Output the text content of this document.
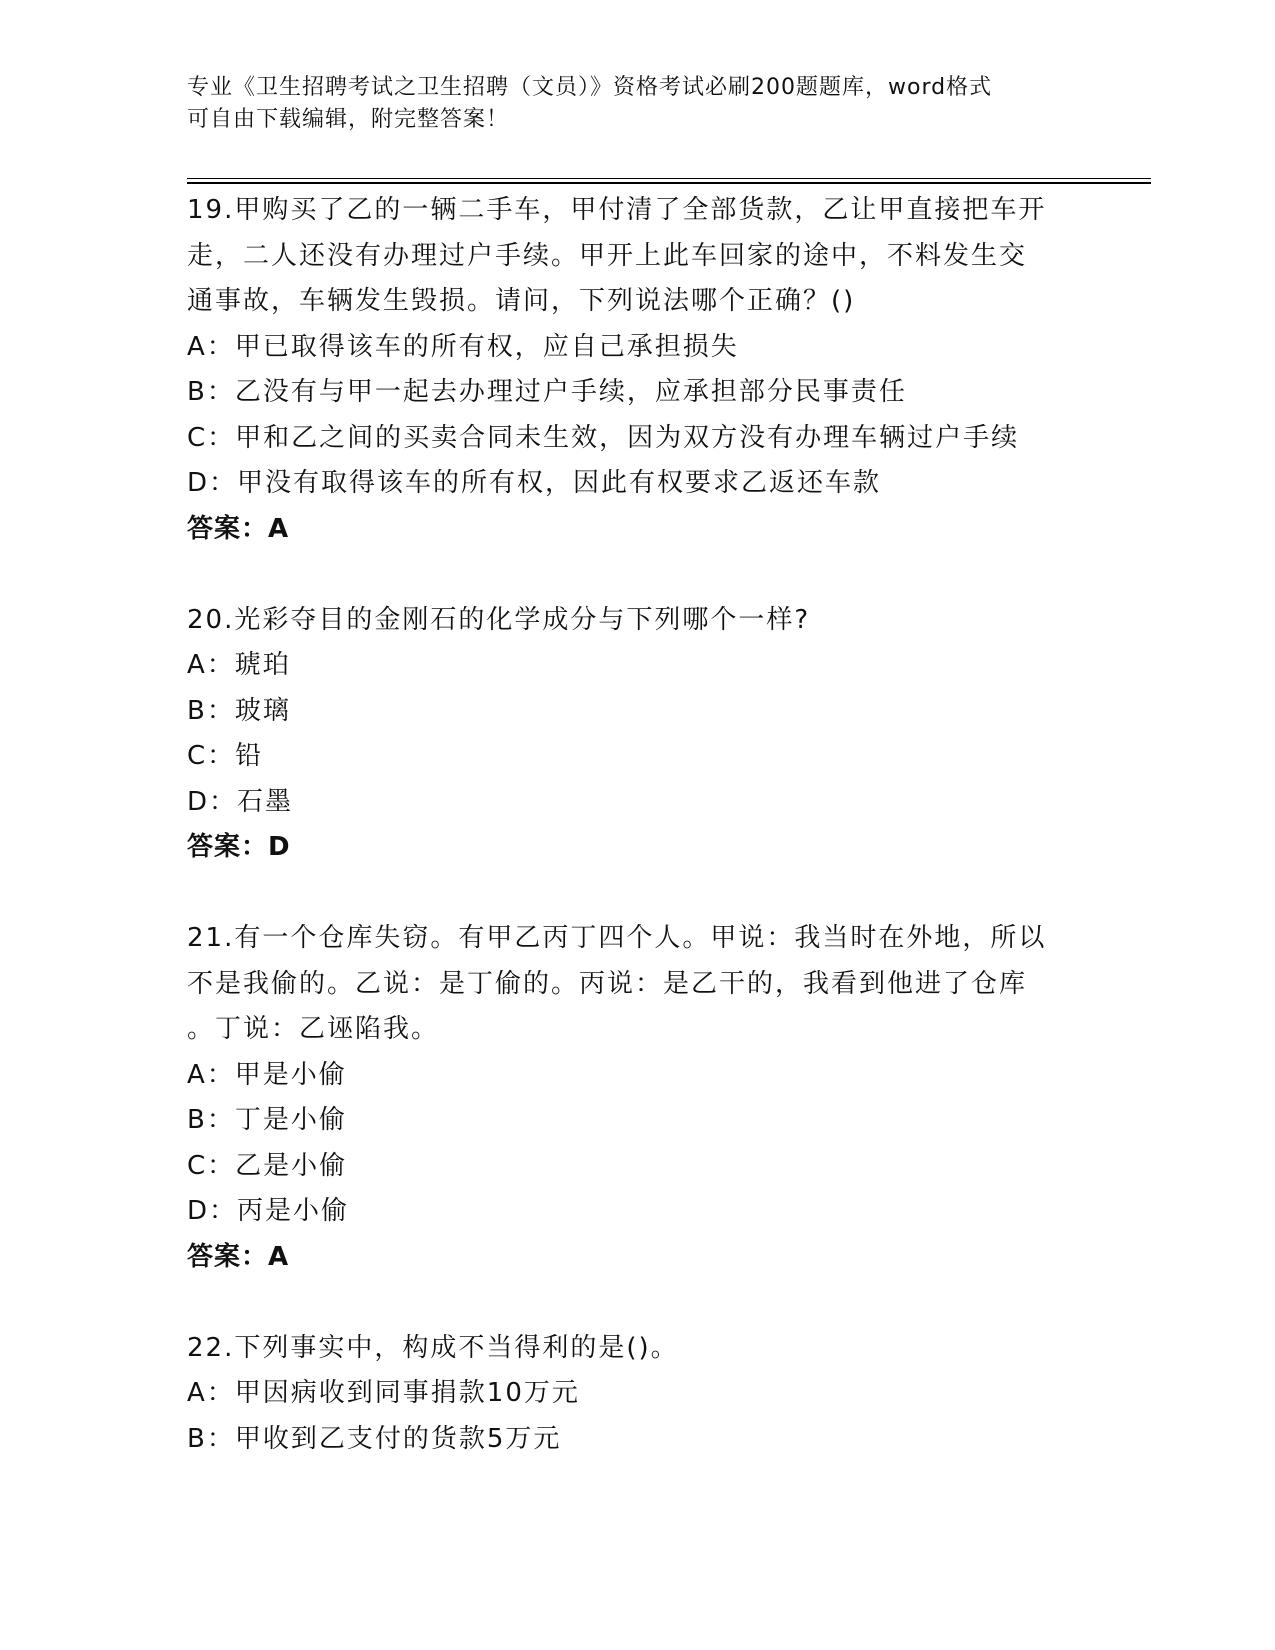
专业《卫生招聘考试之卫生招聘（文员）》资格考试必刷200题题库，word格式
可自由下载编辑，附完整答案！
19.甲购买了乙的一辆二手车，甲付清了全部货款，乙让甲直接把车开
走，二人还没有办理过户手续。甲开上此车回家的途中，不料发生交
通事故，车辆发生毁损。请问，下列说法哪个正确？()
A：甲已取得该车的所有权，应自己承担损失
B：乙没有与甲一起去办理过户手续，应承担部分民事责任
C：甲和乙之间的买卖合同未生效，因为双方没有办理车辆过户手续
D：甲没有取得该车的所有权，因此有权要求乙返还车款
答案：A
20.光彩夺目的金刚石的化学成分与下列哪个一样?
A：琥珀
B：玻璃
C：铅
D：石墨
答案：D
21.有一个仓库失窃。有甲乙丙丁四个人。甲说：我当时在外地，所以
不是我偷的。乙说：是丁偷的。丙说：是乙干的，我看到他进了仓库
。丁说：乙诬陷我。
A：甲是小偷
B：丁是小偷
C：乙是小偷
D：丙是小偷
答案：A
22.下列事实中，构成不当得利的是()。
A：甲因病收到同事捐款10万元
B：甲收到乙支付的货款5万元
